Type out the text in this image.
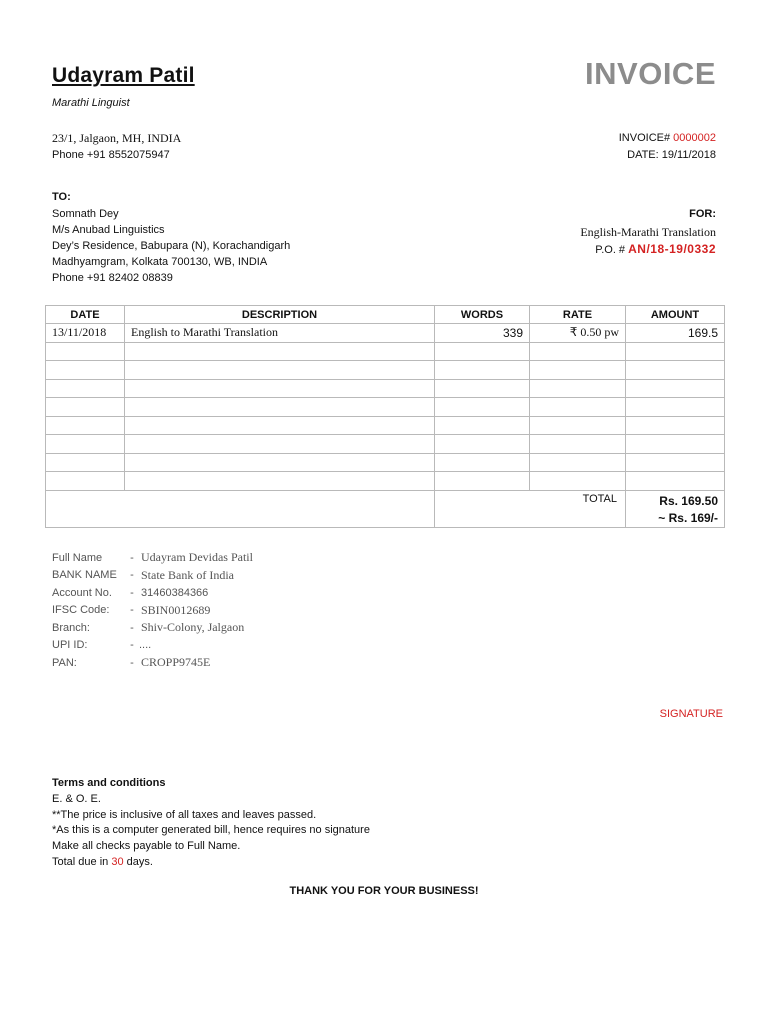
Udayram Patil
Marathi Linguist
INVOICE
23/1, Jalgaon, MH, INDIA
Phone +91 8552075947
INVOICE# 0000002
DATE: 19/11/2018
TO:
Somnath Dey
M/s Anubad Linguistics
Dey’s Residence, Babupara (N), Korachandigarh
Madhyamgram, Kolkata 700130, WB, INDIA
Phone +91 82402 08839
FOR:
English-Marathi Translation
P.O. # AN/18-19/0332
DATE	DESCRIPTION	WORDS	RATE	AMOUNT
13/11/2018	English to Marathi Translation	339	₹ 0.50 pw	169.5

		TOTAL		Rs. 169.50
~ Rs. 169/-
Full Name	- Udayram Devidas Patil
BANK NAME	- State Bank of India
Account No.	- 31460384366
IFSC Code:	- SBIN0012689
Branch:	- Shiv-Colony, Jalgaon
UPI ID:	- ....
PAN:	- CROPP9745E
SIGNATURE
Terms and conditions
E. & O. E.
**The price is inclusive of all taxes and leaves passed.
*As this is a computer generated bill, hence requires no signature
Make all checks payable to Full Name.
Total due in 30 days.
THANK YOU FOR YOUR BUSINESS!
